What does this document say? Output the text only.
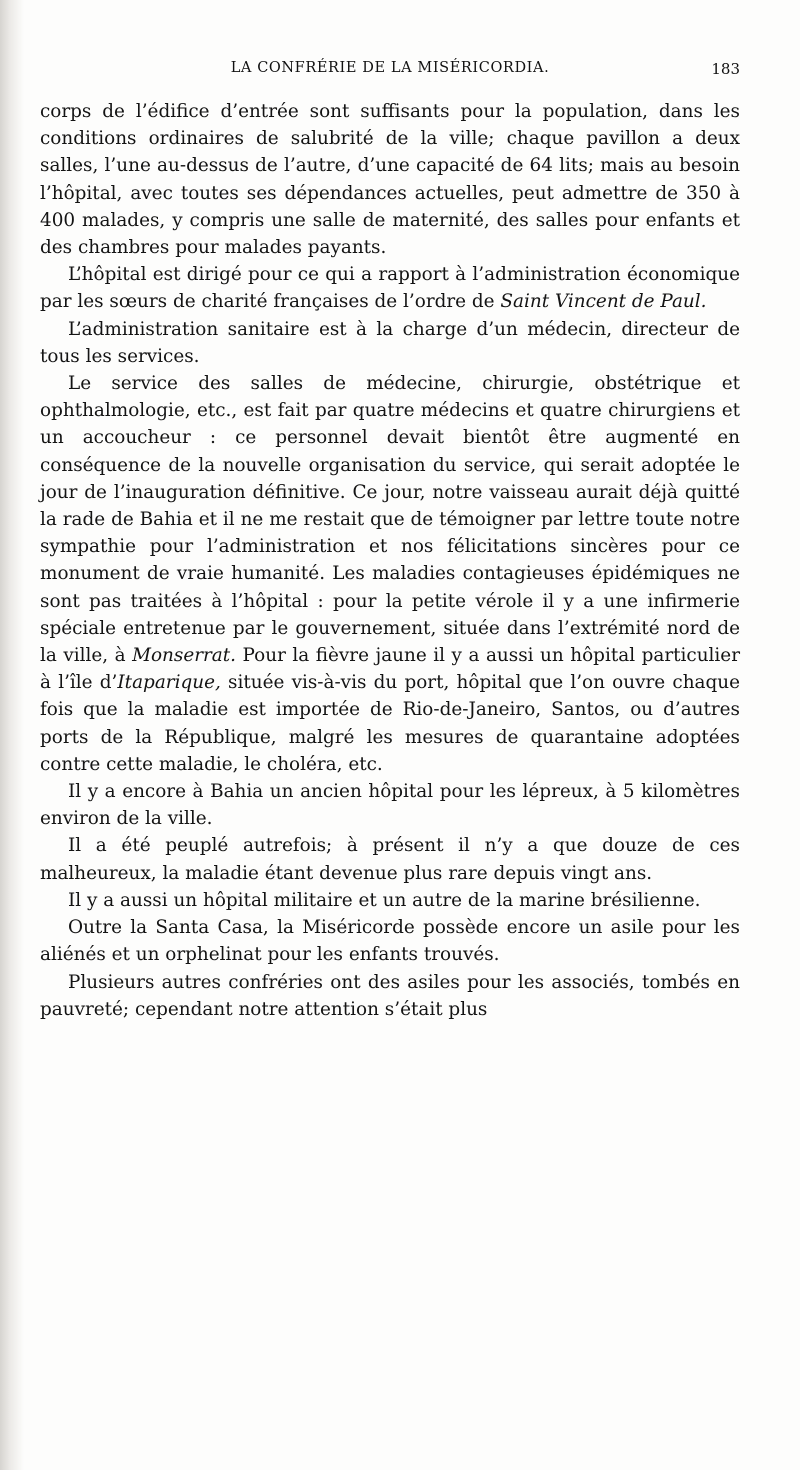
LA CONFRÉRIE DE LA MISÉRICORDIA.	183

corps de l’édifice d’entrée sont suffisants pour la population, dans les conditions ordinaires de salubrité de la ville; chaque pavillon a deux salles, l’une au-dessus de l’autre, d’une capacité de 64 lits; mais au besoin l’hôpital, avec toutes ses dépendances actuelles, peut admettre de 350 à 400 malades, y compris une salle de maternité, des salles pour enfants et des chambres pour malades payants.

L’hôpital est dirigé pour ce qui a rapport à l’administration économique par les sœurs de charité françaises de l’ordre de Saint Vincent de Paul.

L’administration sanitaire est à la charge d’un médecin, directeur de tous les services.

Le service des salles de médecine, chirurgie, obstétrique et ophthalmologie, etc., est fait par quatre médecins et quatre chirurgiens et un accoucheur : ce personnel devait bientôt être augmenté en conséquence de la nouvelle organisation du service, qui serait adoptée le jour de l’inauguration définitive. Ce jour, notre vaisseau aurait déjà quitté la rade de Bahia et il ne me restait que de témoigner par lettre toute notre sympathie pour l’administration et nos félicitations sincères pour ce monument de vraie humanité. Les maladies contagieuses épidémiques ne sont pas traitées à l’hôpital : pour la petite vérole il y a une infirmerie spéciale entretenue par le gouvernement, située dans l’extrémité nord de la ville, à Monserrat. Pour la fièvre jaune il y a aussi un hôpital particulier à l’île d’Itaparique, située vis-à-vis du port, hôpital que l’on ouvre chaque fois que la maladie est importée de Rio-de-Janeiro, Santos, ou d’autres ports de la République, malgré les mesures de quarantaine adoptées contre cette maladie, le choléra, etc.

Il y a encore à Bahia un ancien hôpital pour les lépreux, à 5 kilomètres environ de la ville.

Il a été peuplé autrefois; à présent il n’y a que douze de ces malheureux, la maladie étant devenue plus rare depuis vingt ans.

Il y a aussi un hôpital militaire et un autre de la marine brésilienne.

Outre la Santa Casa, la Miséricorde possède encore un asile pour les aliénés et un orphelinat pour les enfants trouvés.

Plusieurs autres confréries ont des asiles pour les associés, tombés en pauvreté; cependant notre attention s’était plus
